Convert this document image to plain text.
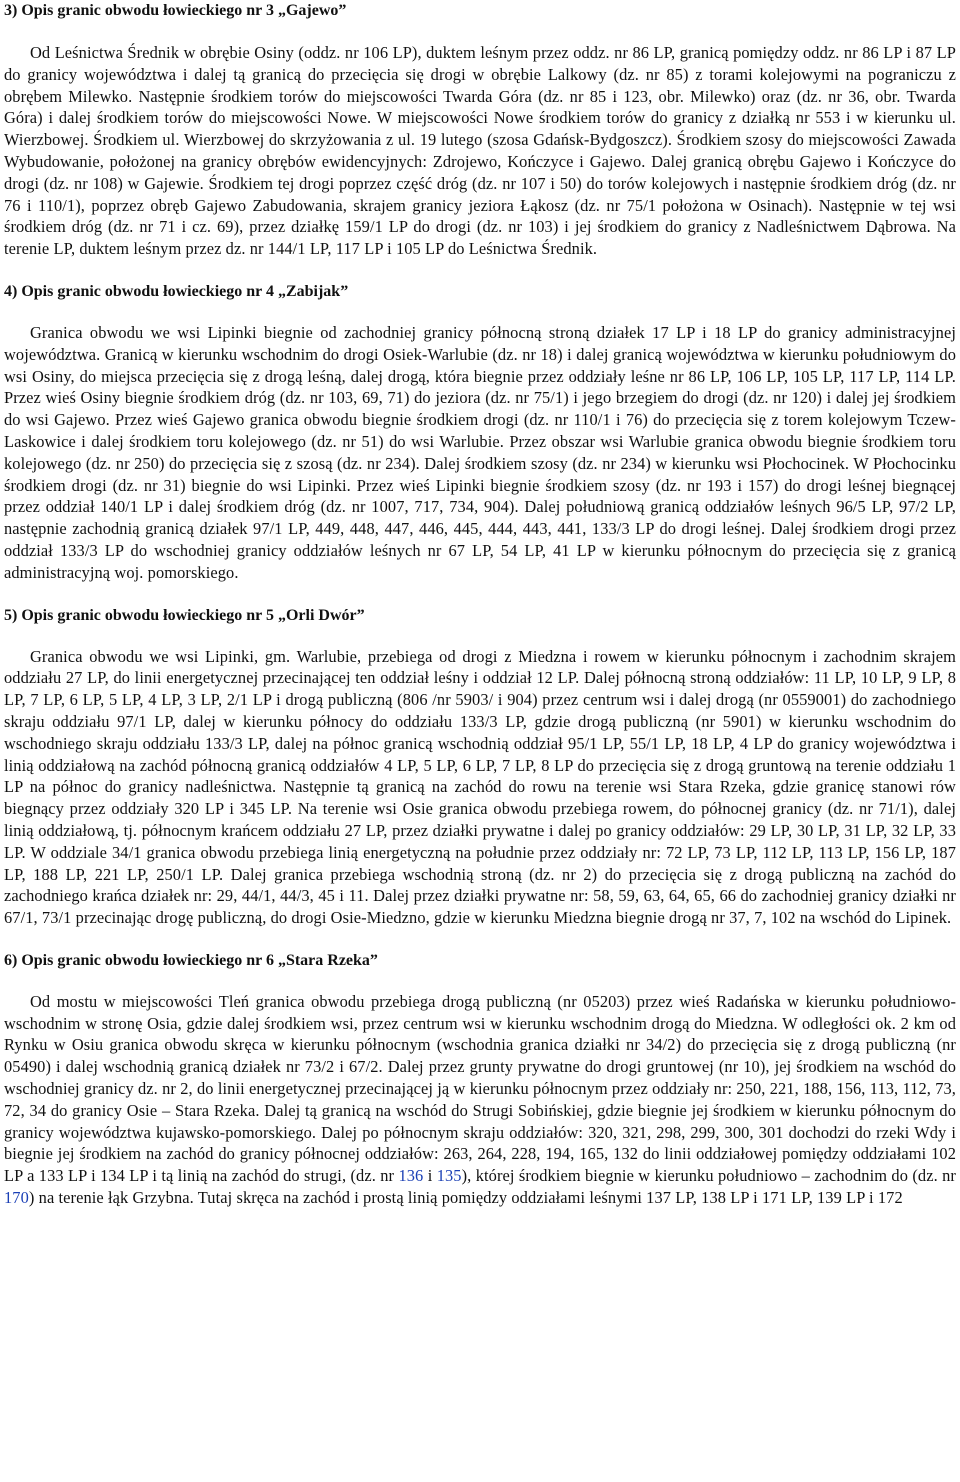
3) Opis granic obwodu łowieckiego nr 3 „Gajewo”

Od Leśnictwa Średnik w obrębie Osiny (oddz. nr 106 LP), duktem leśnym przez oddz. nr 86 LP, granicą pomiędzy oddz. nr 86 LP i 87 LP do granicy województwa i dalej tą granicą do przecięcia się drogi w obrębie Lalkowy (dz. nr 85) z torami kolejowymi na pograniczu z obrębem Milewko. Następnie środkiem torów do miejscowości Twarda Góra (dz. nr 85 i 123, obr. Milewko) oraz (dz. nr 36, obr. Twarda Góra) i dalej środkiem torów do miejscowości Nowe. W miejscowości Nowe środkiem torów do granicy z działką nr 553 i w kierunku ul. Wierzbowej. Środkiem ul. Wierzbowej do skrzyżowania z ul. 19 lutego (szosa Gdańsk-Bydgoszcz). Środkiem szosy do miejscowości Zawada Wybudowanie, położonej na granicy obrębów ewidencyjnych: Zdrojewo, Kończyce i Gajewo. Dalej granicą obrębu Gajewo i Kończyce do drogi (dz. nr 108) w Gajewie. Środkiem tej drogi poprzez część dróg (dz. nr 107 i 50) do torów kolejowych i następnie środkiem dróg (dz. nr 76 i 110/1), poprzez obręb Gajewo Zabudowania, skrajem granicy jeziora Łąkosz (dz. nr 75/1 położona w Osinach). Następnie w tej wsi środkiem dróg (dz. nr 71 i cz. 69), przez działkę 159/1 LP do drogi (dz. nr 103) i jej środkiem do granicy z Nadleśnictwem Dąbrowa. Na terenie LP, duktem leśnym przez dz. nr 144/1 LP, 117 LP i 105 LP do Leśnictwa Średnik.

4) Opis granic obwodu łowieckiego nr 4 „Zabijak”

Granica obwodu we wsi Lipinki biegnie od zachodniej granicy północną stroną działek 17 LP i 18 LP do granicy administracyjnej województwa. Granicą w kierunku wschodnim do drogi Osiek-Warlubie (dz. nr 18) i dalej granicą województwa w kierunku południowym do wsi Osiny, do miejsca przecięcia się z drogą leśną, dalej drogą, która biegnie przez oddziały leśne nr 86 LP, 106 LP, 105 LP, 117 LP, 114 LP. Przez wieś Osiny biegnie środkiem dróg (dz. nr 103, 69, 71) do jeziora (dz. nr 75/1) i jego brzegiem do drogi (dz. nr 120) i dalej jej środkiem do wsi Gajewo. Przez wieś Gajewo granica obwodu biegnie środkiem drogi (dz. nr 110/1 i 76) do przecięcia się z torem kolejowym Tczew-Laskowice i dalej środkiem toru kolejowego (dz. nr 51) do wsi Warlubie. Przez obszar wsi Warlubie granica obwodu biegnie środkiem toru kolejowego (dz. nr 250) do przecięcia się z szosą (dz. nr 234). Dalej środkiem szosy (dz. nr 234) w kierunku wsi Płochocinek. W Płochocinku środkiem drogi (dz. nr 31) biegnie do wsi Lipinki. Przez wieś Lipinki biegnie środkiem szosy (dz. nr 193 i 157) do drogi leśnej biegnącej przez oddział 140/1 LP i dalej środkiem dróg (dz. nr 1007, 717, 734, 904). Dalej południową granicą oddziałów leśnych 96/5 LP, 97/2 LP, następnie zachodnią granicą działek 97/1 LP, 449, 448, 447, 446, 445, 444, 443, 441, 133/3 LP do drogi leśnej. Dalej środkiem drogi przez oddział 133/3 LP do wschodniej granicy oddziałów leśnych nr 67 LP, 54 LP, 41 LP w kierunku północnym do przecięcia się z granicą administracyjną woj. pomorskiego.

5) Opis granic obwodu łowieckiego nr 5 „Orli Dwór”

Granica obwodu we wsi Lipinki, gm. Warlubie, przebiega od drogi z Miedzna i rowem w kierunku północnym i zachodnim skrajem oddziału 27 LP, do linii energetycznej przecinającej ten oddział leśny i oddział 12 LP. Dalej północną stroną oddziałów: 11 LP, 10 LP, 9 LP, 8 LP, 7 LP, 6 LP, 5 LP, 4 LP, 3 LP, 2/1 LP i drogą publiczną (806 /nr 5903/ i 904) przez centrum wsi i dalej drogą (nr 0559001) do zachodniego skraju oddziału 97/1 LP, dalej w kierunku północy do oddziału 133/3 LP, gdzie drogą publiczną (nr 5901) w kierunku wschodnim do wschodniego skraju oddziału 133/3 LP, dalej na północ granicą wschodnią oddział 95/1 LP, 55/1 LP, 18 LP, 4 LP do granicy województwa i linią oddziałową na zachód północną granicą oddziałów 4 LP, 5 LP, 6 LP, 7 LP, 8 LP do przecięcia się z drogą gruntową na terenie oddziału 1 LP na północ do granicy nadleśnictwa. Następnie tą granicą na zachód do rowu na terenie wsi Stara Rzeka, gdzie granicę stanowi rów biegnący przez oddziały 320 LP i 345 LP. Na terenie wsi Osie granica obwodu przebiega rowem, do północnej granicy (dz. nr 71/1), dalej linią oddziałową, tj. północnym krańcem oddziału 27 LP, przez działki prywatne i dalej po granicy oddziałów: 29 LP, 30 LP, 31 LP, 32 LP, 33 LP. W oddziale 34/1 granica obwodu przebiega linią energetyczną na południe przez oddziały nr: 72 LP, 73 LP, 112 LP, 113 LP, 156 LP, 187 LP, 188 LP, 221 LP, 250/1 LP. Dalej granica przebiega wschodnią stroną (dz. nr 2) do przecięcia się z drogą publiczną na zachód do zachodniego krańca działek nr: 29, 44/1, 44/3, 45 i 11. Dalej przez działki prywatne nr: 58, 59, 63, 64, 65, 66 do zachodniej granicy działki nr 67/1, 73/1 przecinając drogę publiczną, do drogi Osie-Miedzno, gdzie w kierunku Miedzna biegnie drogą nr 37, 7, 102 na wschód do Lipinek.

6) Opis granic obwodu łowieckiego nr 6 „Stara Rzeka”

Od mostu w miejscowości Tleń granica obwodu przebiega drogą publiczną (nr 05203) przez wieś Radańska w kierunku południowo-wschodnim w stronę Osia, gdzie dalej środkiem wsi, przez centrum wsi w kierunku wschodnim drogą do Miedzna. W odległości ok. 2 km od Rynku w Osiu granica obwodu skręca w kierunku północnym (wschodnia granica działki nr 34/2) do przecięcia się z drogą publiczną (nr 05490) i dalej wschodnią granicą działek nr 73/2 i 67/2. Dalej przez grunty prywatne do drogi gruntowej (nr 10), jej środkiem na wschód do wschodniej granicy dz. nr 2, do linii energetycznej przecinającej ją w kierunku północnym przez oddziały nr: 250, 221, 188, 156, 113, 112, 73, 72, 34 do granicy Osie – Stara Rzeka. Dalej tą granicą na wschód do Strugi Sobińskiej, gdzie biegnie jej środkiem w kierunku północnym do granicy województwa kujawsko-pomorskiego. Dalej po północnym skraju oddziałów: 320, 321, 298, 299, 300, 301 dochodzi do rzeki Wdy i biegnie jej środkiem na zachód do granicy północnej oddziałów: 263, 264, 228, 194, 165, 132 do linii oddziałowej pomiędzy oddziałami 102 LP a 133 LP i 134 LP i tą linią na zachód do strugi, (dz. nr 136 i 135), której środkiem biegnie w kierunku południowo – zachodnim do (dz. nr 170) na terenie łąk Grzybna. Tutaj skręca na zachód i prostą linią pomiędzy oddziałami leśnymi 137 LP, 138 LP i 171 LP, 139 LP i 172
